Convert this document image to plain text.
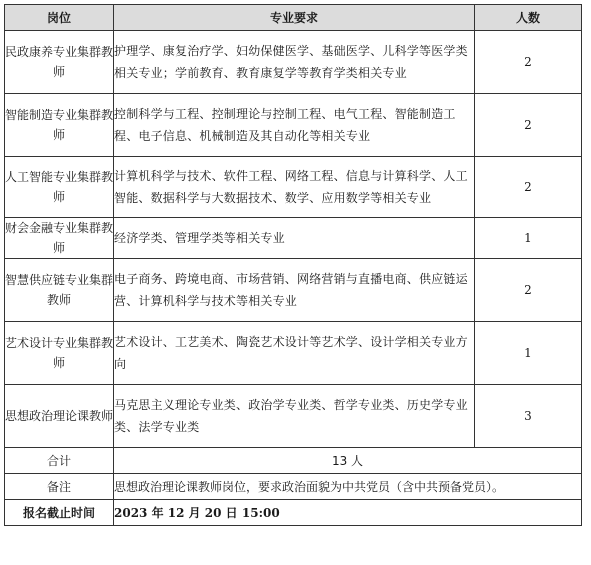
岗位	专业要求	人数
民政康养专业集群教师	护理学、康复治疗学、妇幼保健医学、基础医学、儿科学等医学类相关专业；学前教育、教育康复学等教育学类相关专业	2
智能制造专业集群教师	控制科学与工程、控制理论与控制工程、电气工程、智能制造工程、电子信息、机械制造及其自动化等相关专业	2
人工智能专业集群教师	计算机科学与技术、软件工程、网络工程、信息与计算科学、人工智能、数据科学与大数据技术、数学、应用数学等相关专业	2
财会金融专业集群教师	经济学类、管理学类等相关专业	1
智慧供应链专业集群教师	电子商务、跨境电商、市场营销、网络营销与直播电商、供应链运营、计算机科学与技术等相关专业	2
艺术设计专业集群教师	艺术设计、工艺美术、陶瓷艺术设计等艺术学、设计学相关专业方向	1
思想政治理论课教师	马克思主义理论专业类、政治学专业类、哲学专业类、历史学专业类、法学专业类	3
合计	13 人	
备注	思想政治理论课教师岗位，要求政治面貌为中共党员（含中共预备党员）。	
报名截止时间	2023 年 12 月 20 日 15:00	
